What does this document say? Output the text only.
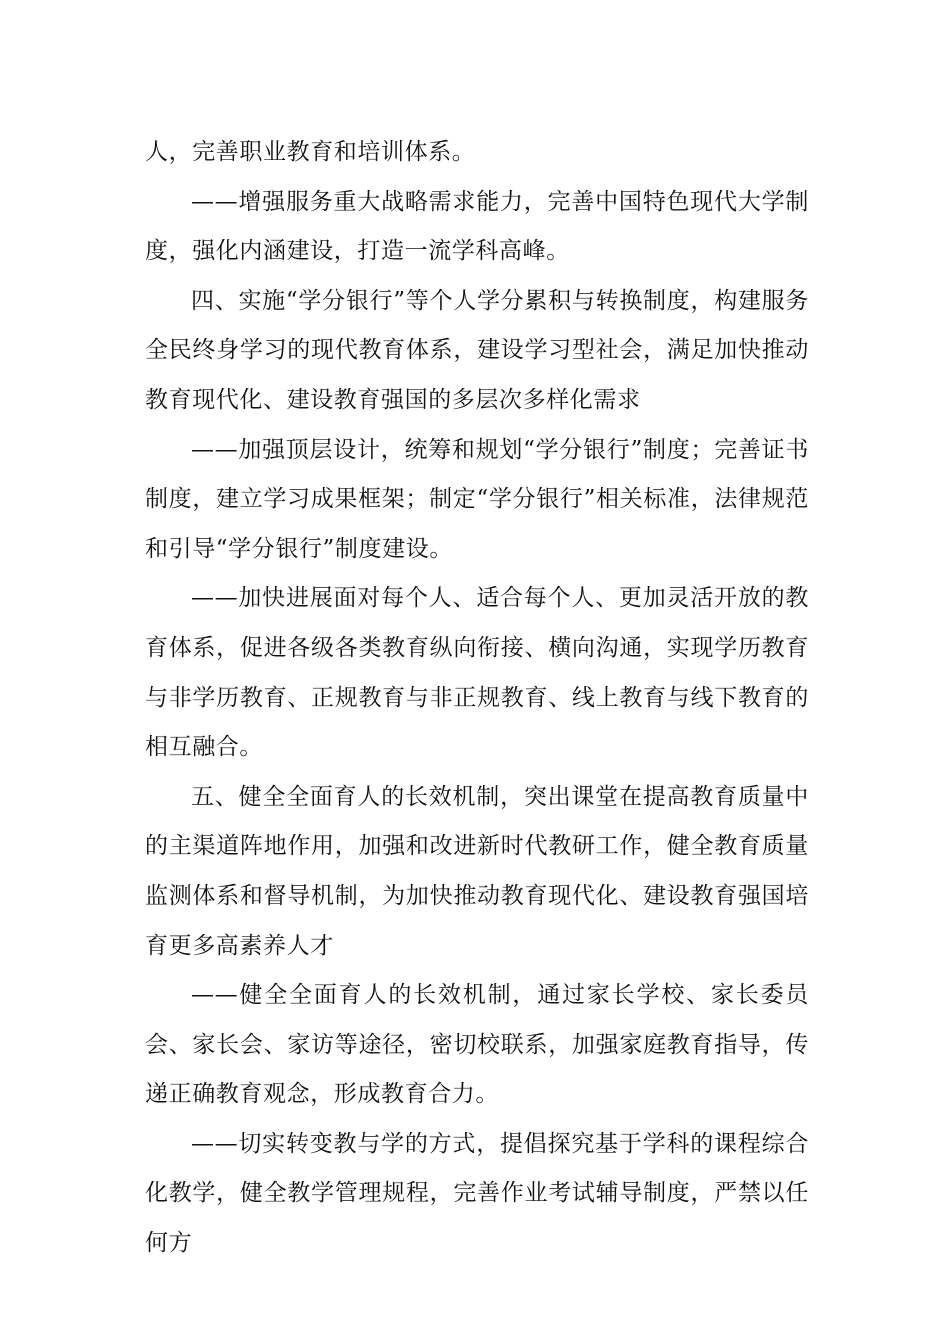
人，完善职业教育和培训体系。

——增强服务重大战略需求能力，完善中国特色现代大学制度，强化内涵建设，打造一流学科高峰。

四、实施“学分银行”等个人学分累积与转换制度，构建服务全民终身学习的现代教育体系，建设学习型社会，满足加快推动教育现代化、建设教育强国的多层次多样化需求

——加强顶层设计，统筹和规划“学分银行”制度；完善证书制度，建立学习成果框架；制定“学分银行”相关标准，法律规范和引导“学分银行”制度建设。

——加快进展面对每个人、适合每个人、更加灵活开放的教育体系，促进各级各类教育纵向衔接、横向沟通，实现学历教育与非学历教育、正规教育与非正规教育、线上教育与线下教育的相互融合。

五、健全全面育人的长效机制，突出课堂在提高教育质量中的主渠道阵地作用，加强和改进新时代教研工作，健全教育质量监测体系和督导机制，为加快推动教育现代化、建设教育强国培育更多高素养人才

——健全全面育人的长效机制，通过家长学校、家长委员会、家长会、家访等途径，密切校联系，加强家庭教育指导，传递正确教育观念，形成教育合力。

——切实转变教与学的方式，提倡探究基于学科的课程综合化教学，健全教学管理规程，完善作业考试辅导制度，严禁以任何方
